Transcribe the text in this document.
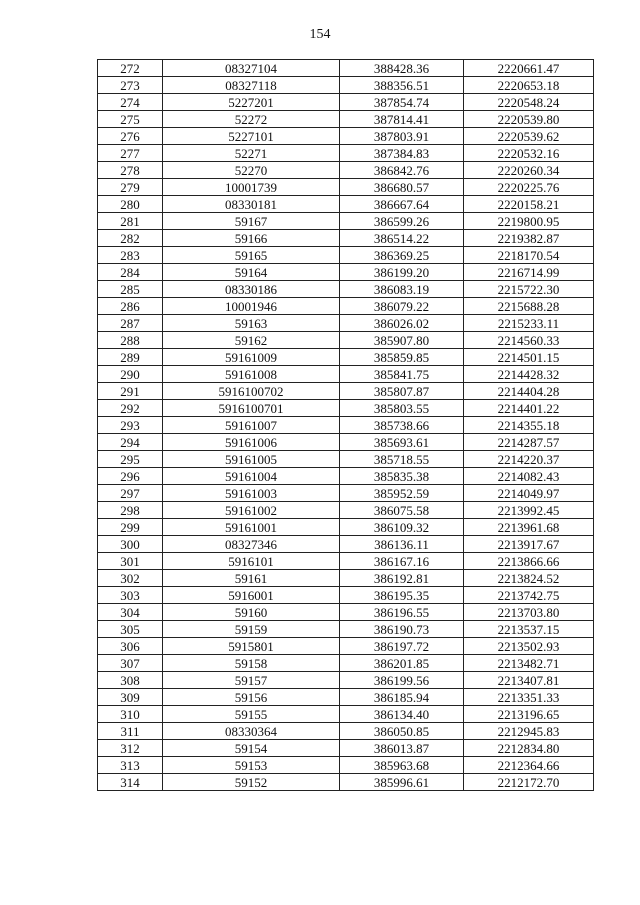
154
272	08327104	388428.36	2220661.47
273	08327118	388356.51	2220653.18
274	5227201	387854.74	2220548.24
275	52272	387814.41	2220539.80
276	5227101	387803.91	2220539.62
277	52271	387384.83	2220532.16
278	52270	386842.76	2220260.34
279	10001739	386680.57	2220225.76
280	08330181	386667.64	2220158.21
281	59167	386599.26	2219800.95
282	59166	386514.22	2219382.87
283	59165	386369.25	2218170.54
284	59164	386199.20	2216714.99
285	08330186	386083.19	2215722.30
286	10001946	386079.22	2215688.28
287	59163	386026.02	2215233.11
288	59162	385907.80	2214560.33
289	59161009	385859.85	2214501.15
290	59161008	385841.75	2214428.32
291	5916100702	385807.87	2214404.28
292	5916100701	385803.55	2214401.22
293	59161007	385738.66	2214355.18
294	59161006	385693.61	2214287.57
295	59161005	385718.55	2214220.37
296	59161004	385835.38	2214082.43
297	59161003	385952.59	2214049.97
298	59161002	386075.58	2213992.45
299	59161001	386109.32	2213961.68
300	08327346	386136.11	2213917.67
301	5916101	386167.16	2213866.66
302	59161	386192.81	2213824.52
303	5916001	386195.35	2213742.75
304	59160	386196.55	2213703.80
305	59159	386190.73	2213537.15
306	5915801	386197.72	2213502.93
307	59158	386201.85	2213482.71
308	59157	386199.56	2213407.81
309	59156	386185.94	2213351.33
310	59155	386134.40	2213196.65
311	08330364	386050.85	2212945.83
312	59154	386013.87	2212834.80
313	59153	385963.68	2212364.66
314	59152	385996.61	2212172.70
